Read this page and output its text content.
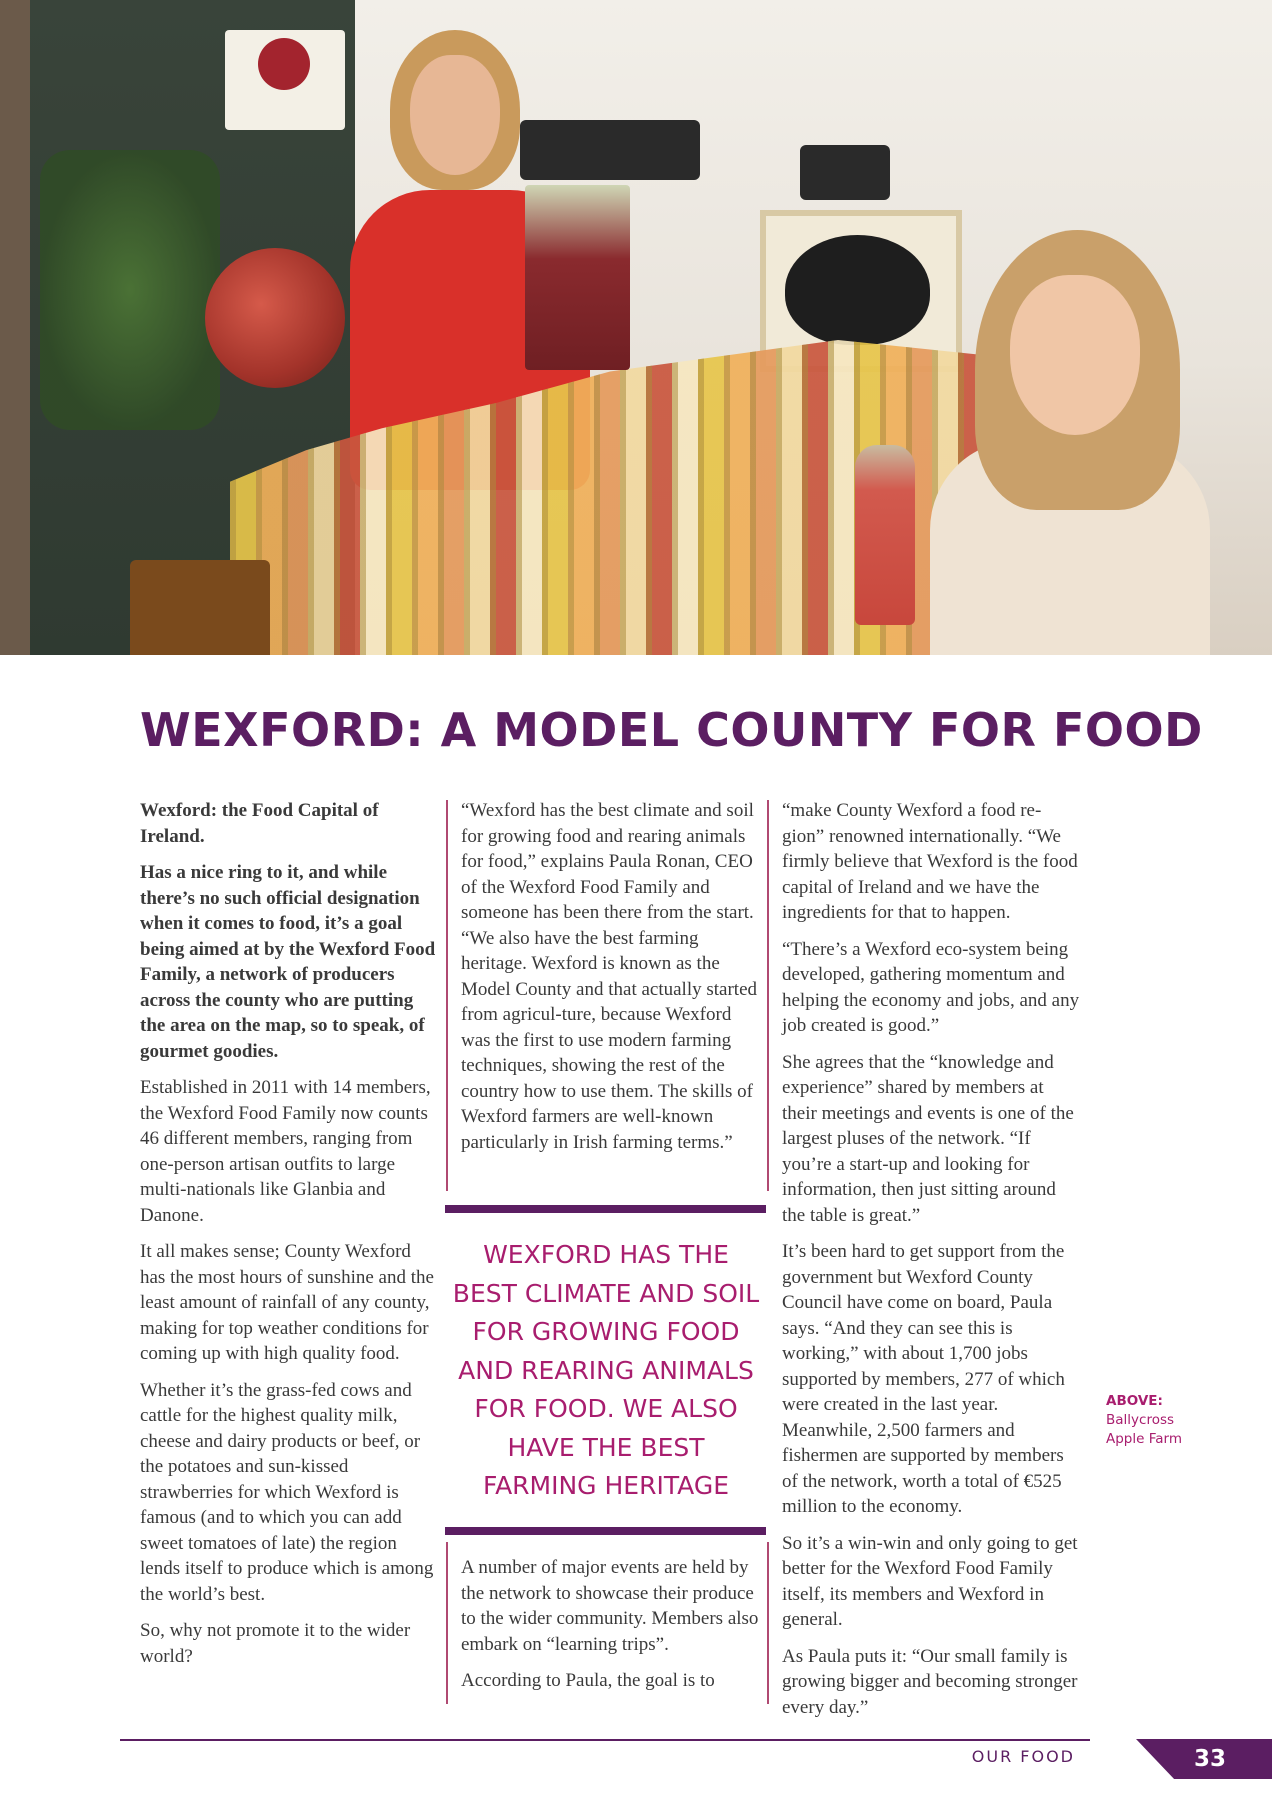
WEXFORD: A MODEL COUNTY FOR FOOD

Wexford: the Food Capital of Ireland.

Has a nice ring to it, and while there’s no such official designation when it comes to food, it’s a goal being aimed at by the Wexford Food Family, a network of producers across the county who are putting the area on the map, so to speak, of gourmet goodies.

Established in 2011 with 14 members, the Wexford Food Family now counts 46 different members, ranging from one-person artisan outfits to large multi-nationals like Glanbia and Danone.

It all makes sense; County Wexford has the most hours of sunshine and the least amount of rainfall of any county, making for top weather conditions for coming up with high quality food.

Whether it’s the grass-fed cows and cattle for the highest quality milk, cheese and dairy products or beef, or the potatoes and sun-kissed strawberries for which Wexford is famous (and to which you can add sweet tomatoes of late) the region lends itself to produce which is among the world’s best.

So, why not promote it to the wider world?

“Wexford has the best climate and soil for growing food and rearing animals for food,” explains Paula Ronan, CEO of the Wexford Food Family and someone has been there from the start. “We also have the best farming heritage. Wexford is known as the Model County and that actually started from agricul-ture, because Wexford was the first to use modern farming techniques, showing the rest of the country how to use them. The skills of Wexford farmers are well-known particularly in Irish farming terms.”

WEXFORD HAS THE BEST CLIMATE AND SOIL FOR GROWING FOOD AND REARING ANIMALS FOR FOOD. WE ALSO HAVE THE BEST FARMING HERITAGE

A number of major events are held by the network to showcase their produce to the wider community. Members also embark on “learning trips”.

According to Paula, the goal is to

“make County Wexford a food re-gion” renowned internationally. “We firmly believe that Wexford is the food capital of Ireland and we have the ingredients for that to happen.

“There’s a Wexford eco-system being developed, gathering momentum and helping the economy and jobs, and any job created is good.”

She agrees that the “knowledge and experience” shared by members at their meetings and events is one of the largest pluses of the network. “If you’re a start-up and looking for information, then just sitting around the table is great.”

It’s been hard to get support from the government but Wexford County Council have come on board, Paula says. “And they can see this is working,” with about 1,700 jobs supported by members, 277 of which were created in the last year. Meanwhile, 2,500 farmers and fishermen are supported by members of the network, worth a total of €525 million to the economy.

So it’s a win-win and only going to get better for the Wexford Food Family itself, its members and Wexford in general.

As Paula puts it: “Our small family is growing bigger and becoming stronger every day.”

ABOVE:
Ballycross Apple Farm
OUR FOOD	33
